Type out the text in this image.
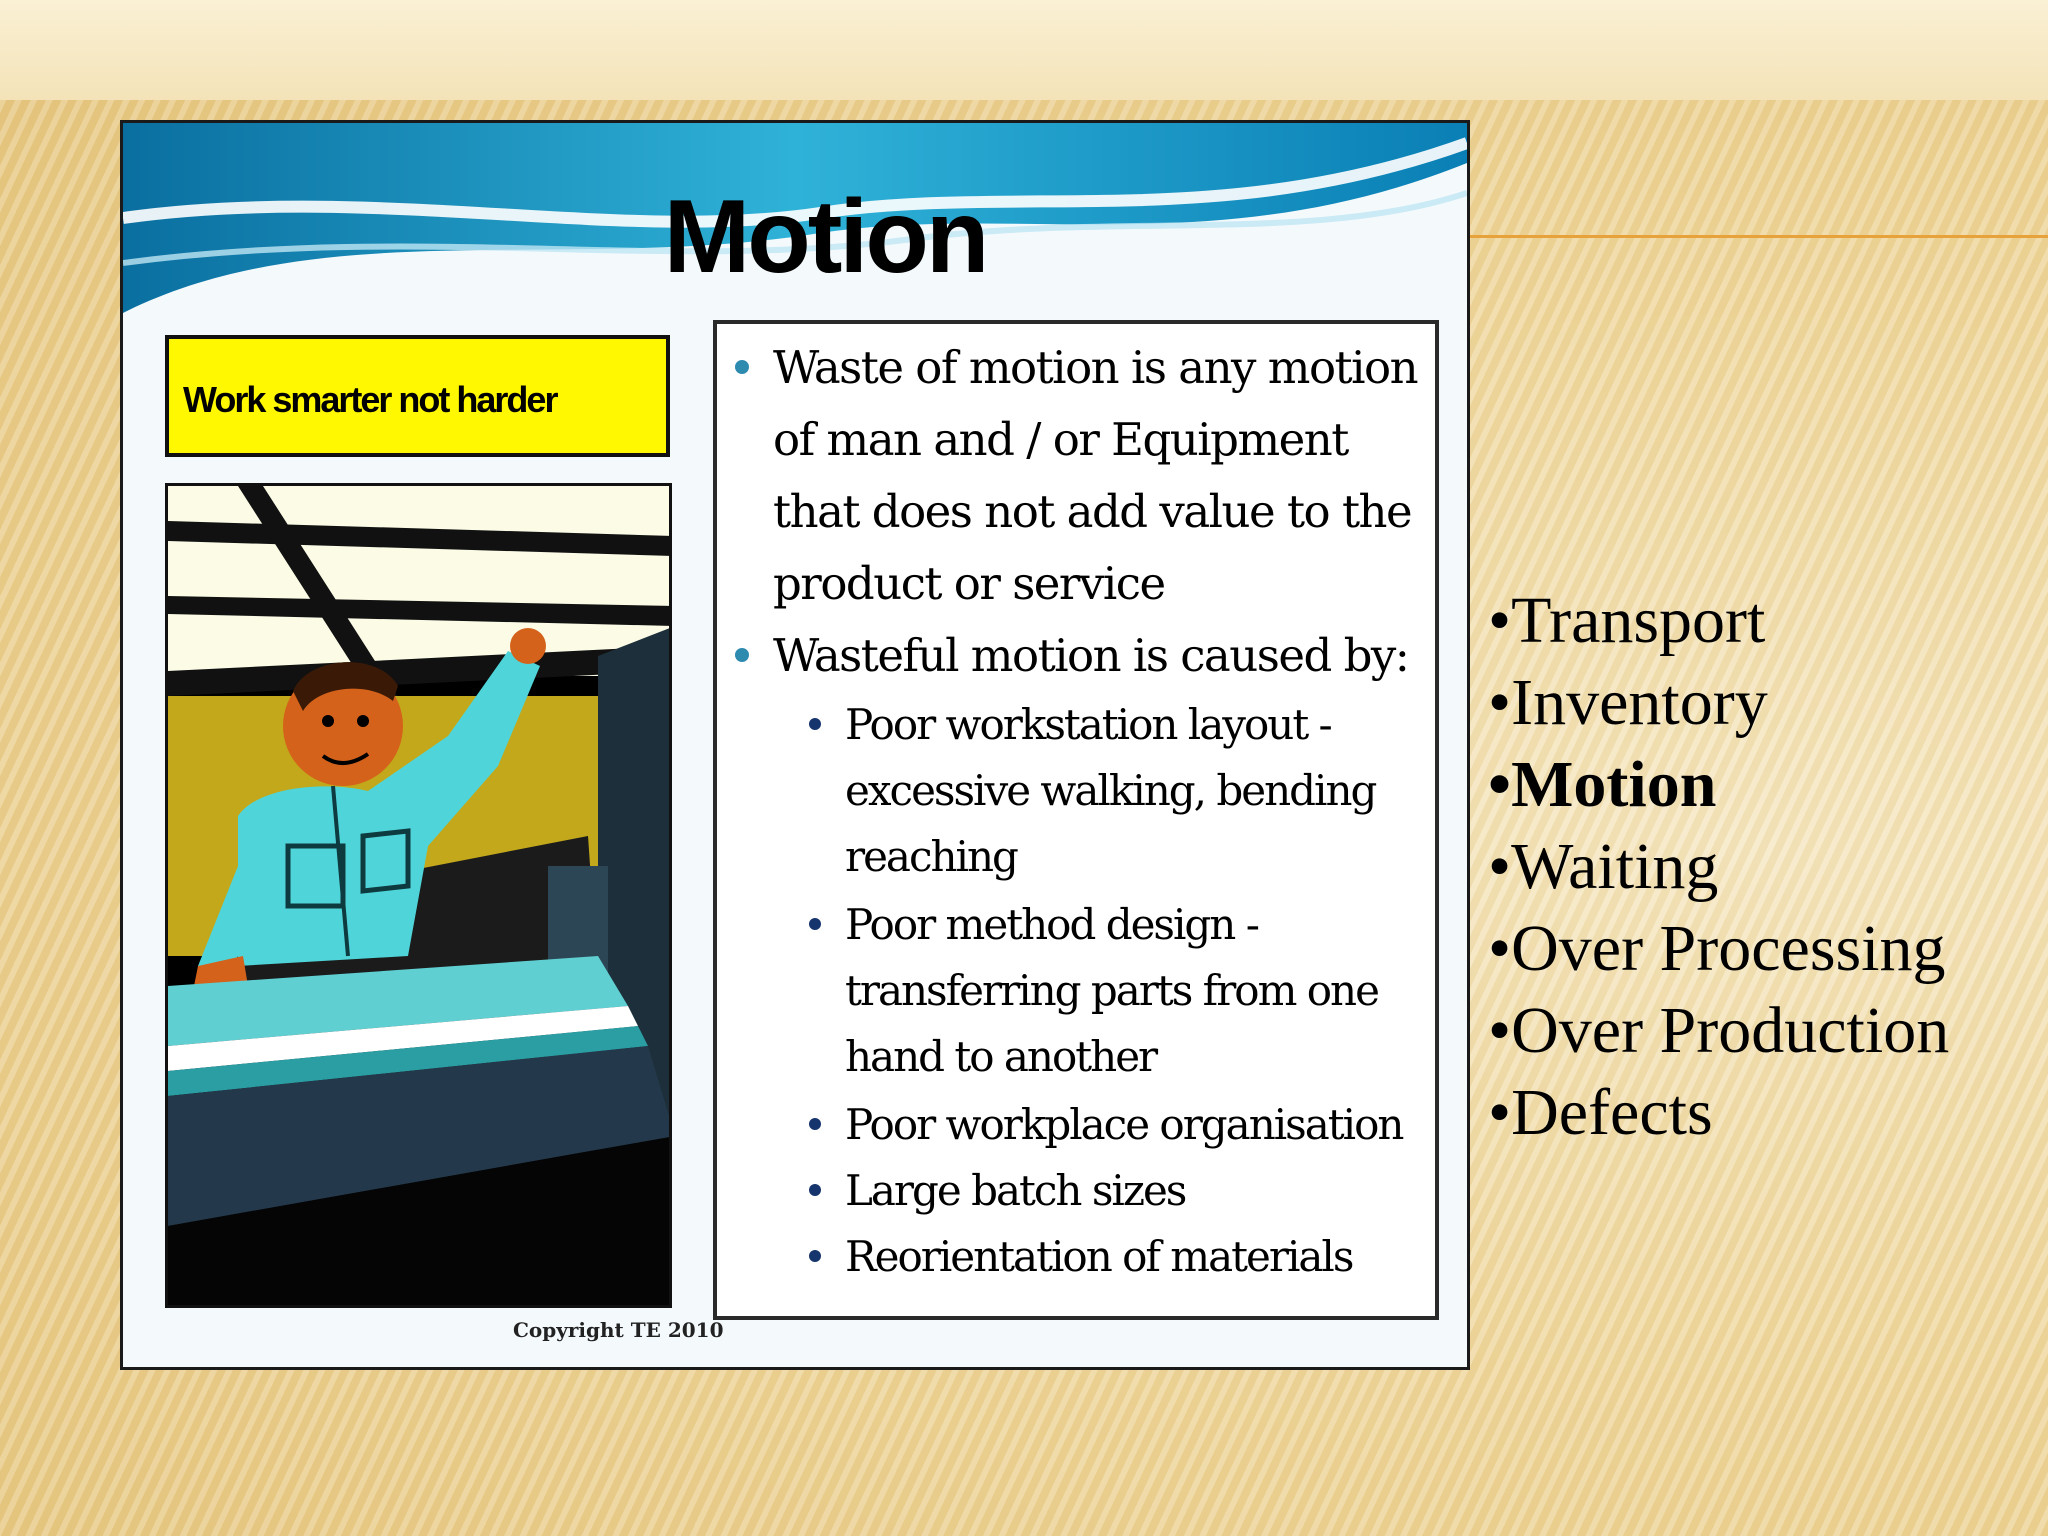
Motion
Work smarter not harder
Waste of motion is any motion of man and / or Equipment that does not add value to the product or service
Wasteful motion is caused by:
Poor workstation layout - excessive walking, bending reaching
Poor method design - transferring parts from one hand to another
Poor workplace organisation
Large batch sizes
Reorientation of materials
Copyright TE 2010
•Transport
•Inventory
•Motion
•Waiting
•Over Processing
•Over Production
•Defects
